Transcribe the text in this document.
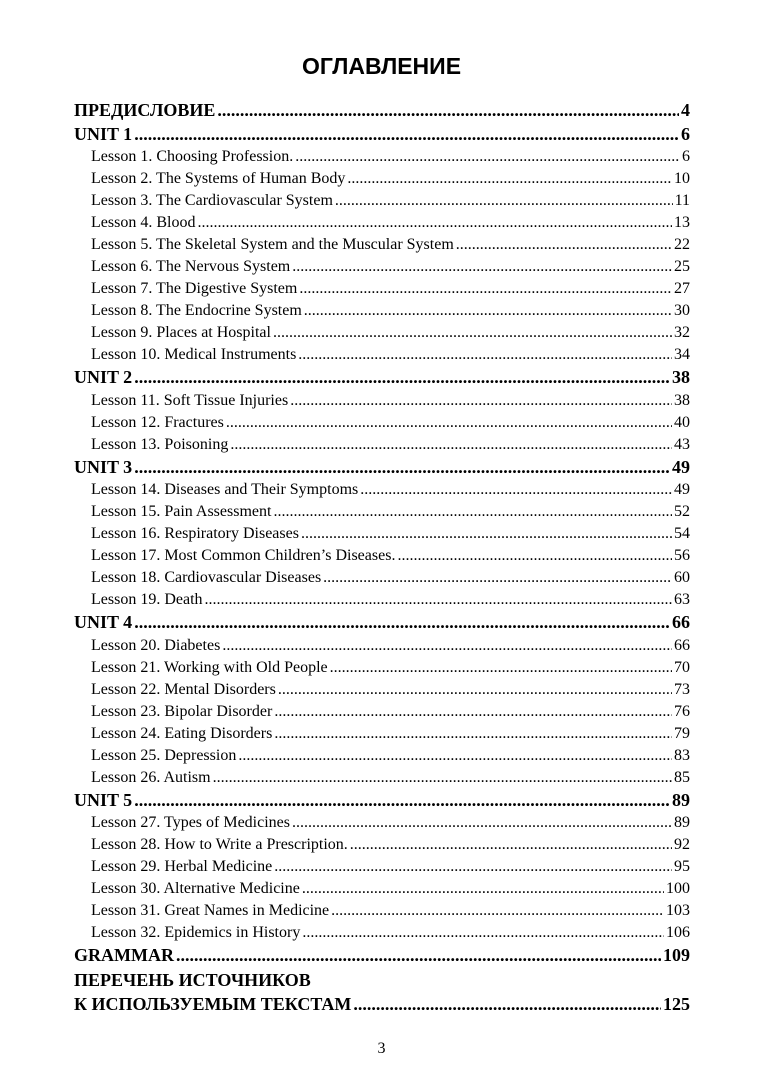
ОГЛАВЛЕНИЕ
ПРЕДИСЛОВИЕ .....	4
UNIT 1 .....	6
Lesson 1. Choosing Profession. .....	6
Lesson 2. The Systems of Human Body .....	10
Lesson 3. The Cardiovascular System .....	11
Lesson 4. Blood .....	13
Lesson 5. The Skeletal System and the Muscular System .....	22
Lesson 6. The Nervous System .....	25
Lesson 7. The Digestive System .....	27
Lesson 8. The Endocrine System .....	30
Lesson 9. Places at Hospital .....	32
Lesson 10. Medical Instruments .....	34
UNIT 2 .....	38
Lesson 11. Soft Tissue Injuries .....	38
Lesson 12. Fractures .....	40
Lesson 13. Poisoning .....	43
UNIT 3 .....	49
Lesson 14. Diseases and Their Symptoms .....	49
Lesson 15. Pain Assessment .....	52
Lesson 16. Respiratory Diseases .....	54
Lesson 17. Most Common Children’s Diseases. .....	56
Lesson 18. Cardiovascular Diseases .....	60
Lesson 19. Death .....	63
UNIT 4 .....	66
Lesson 20. Diabetes .....	66
Lesson 21. Working with Old People .....	70
Lesson 22. Mental Disorders .....	73
Lesson 23. Bipolar Disorder .....	76
Lesson 24. Eating Disorders .....	79
Lesson 25. Depression .....	83
Lesson 26. Autism .....	85
UNIT 5 .....	89
Lesson 27. Types of Medicines .....	89
Lesson 28. How to Write a Prescription. .....	92
Lesson 29. Herbal Medicine .....	95
Lesson 30. Alternative Medicine .....	100
Lesson 31. Great Names in Medicine .....	103
Lesson 32. Epidemics in History .....	106
GRAMMAR .....	109
ПЕРЕЧЕНЬ ИСТОЧНИКОВ
К ИСПОЛЬЗУЕМЫМ ТЕКСТАМ .....	125
3
